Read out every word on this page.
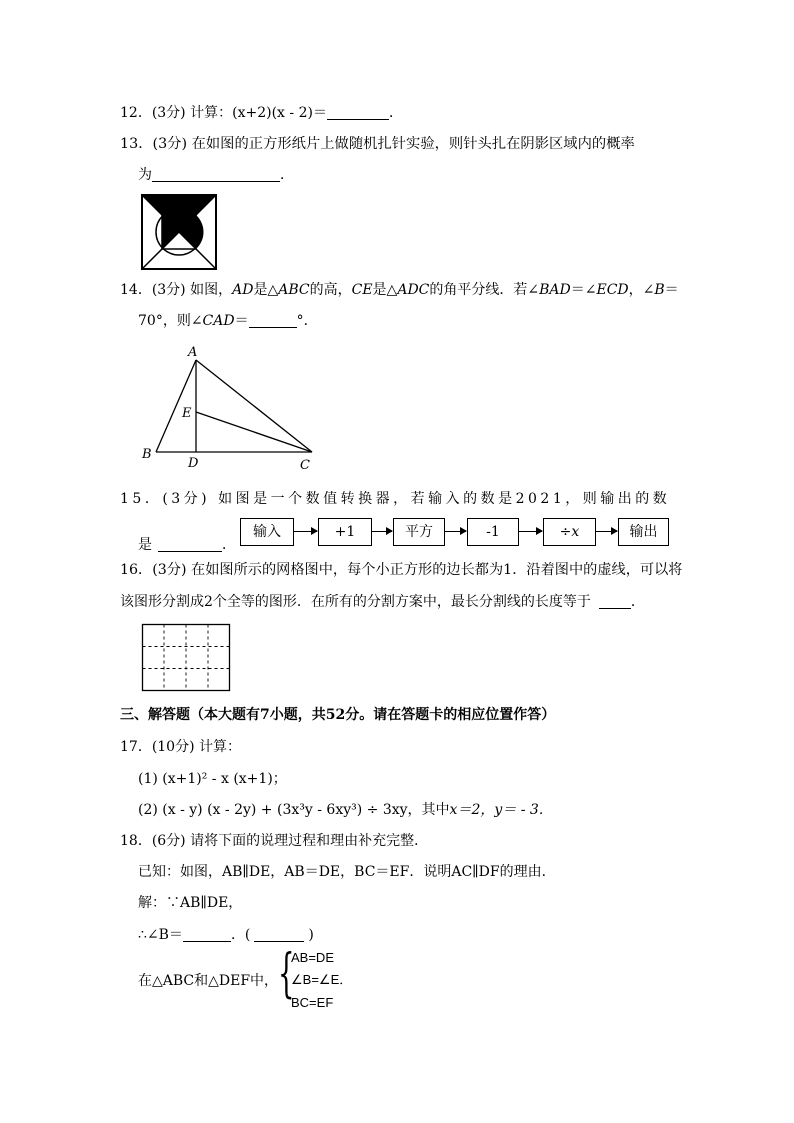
12．(3分) 计算：(x+2)(x - 2)＝	．
13．(3分) 在如图的正方形纸片上做随机扎针实验，则针头扎在阴影区域内的概率
为	．
14．(3分) 如图，AD是△ABC的高，CE是△ADC的角平分线．若∠BAD＝∠ECD，∠B＝
70°，则∠CAD＝	°．
A
E
B
D	C
15．(3分) 如图是一个数值转换器，若输入的数是2021，则输出的数
是	．
输入	+1	平方	-1	÷x	输出
16．(3分) 在如图所示的网格图中，每个小正方形的边长都为1．沿着图中的虚线，可以将
该图形分割成2个全等的图形．在所有的分割方案中，最长分割线的长度等于	．
三、解答题（本大题有7小题，共52分。请在答题卡的相应位置作答）
17．(10分) 计算：
(1) (x+1)² - x (x+1)；
(2) (x - y) (x - 2y) + (3x³y - 6xy³) ÷ 3xy，其中x＝2，y＝ - 3．
18．(6分) 请将下面的说理过程和理由补充完整．
已知：如图，AB∥DE，AB＝DE，BC＝EF．说明AC∥DF的理由．
解：∵AB∥DE，
∴∠B＝	．(	)
在△ABC和△DEF中， {
AB=DE
∠B=∠E．
BC=EF
